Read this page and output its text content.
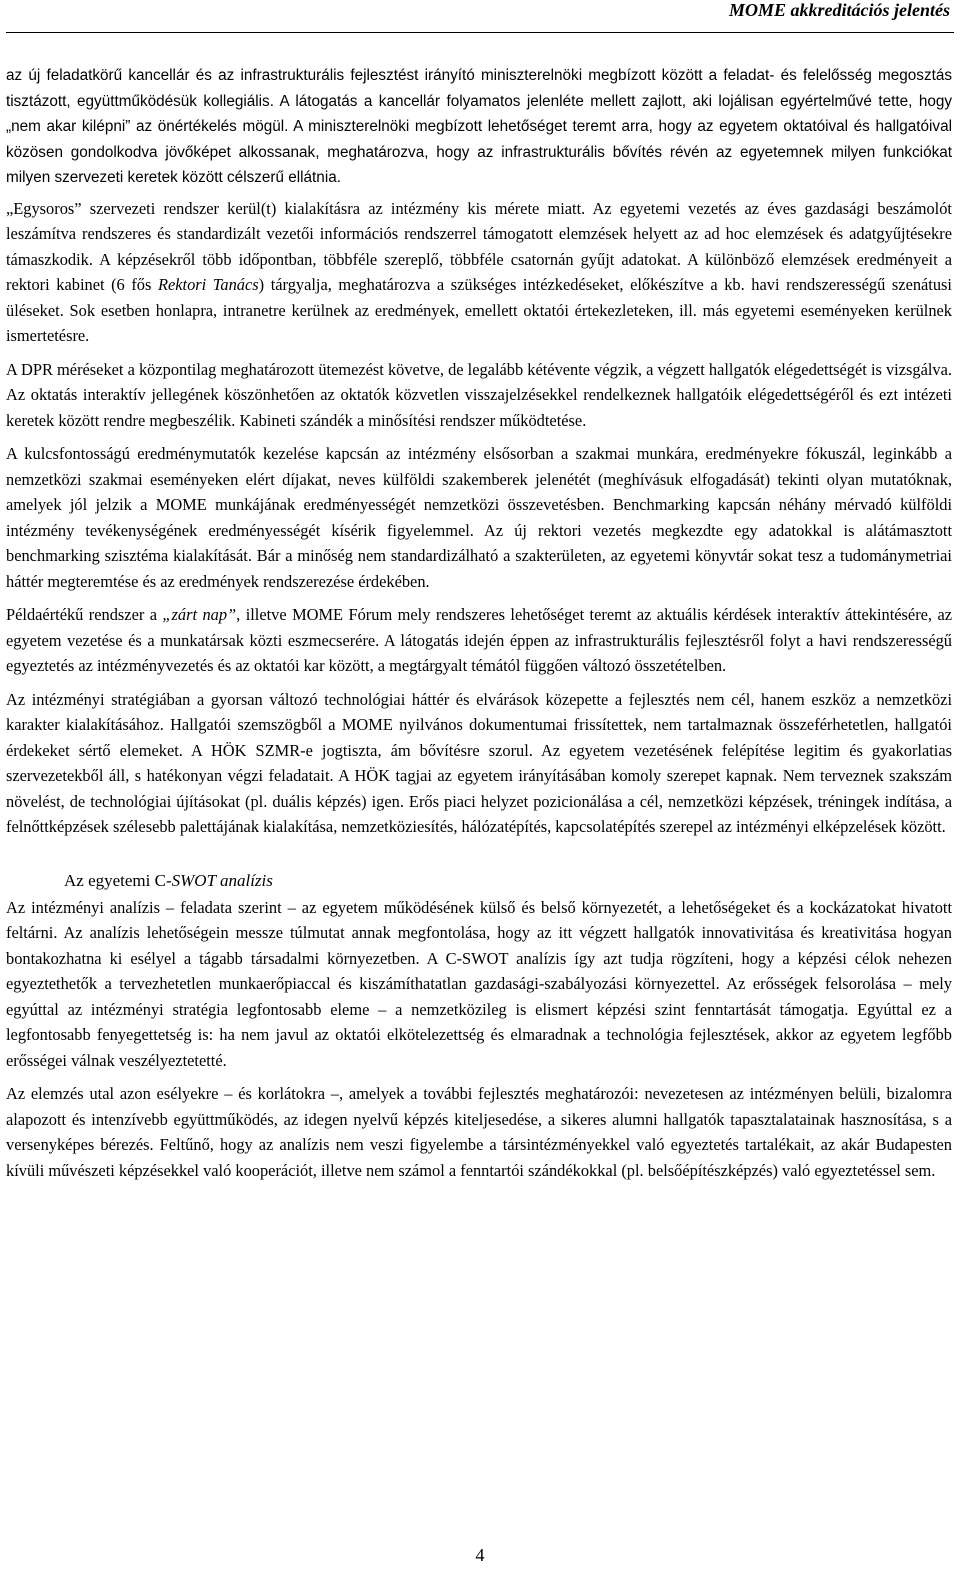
MOME akkreditációs jelentés

az új feladatkörű kancellár és az infrastrukturális fejlesztést irányító miniszterelnöki megbízott között a feladat- és felelősség megosztás tisztázott, együttműködésük kollegiális. A látogatás a kancellár folyamatos jelenléte mellett zajlott, aki lojálisan egyértelművé tette, hogy „nem akar kilépni” az önértékelés mögül. A miniszterelnöki megbízott lehetőséget teremt arra, hogy az egyetem oktatóival és hallgatóival közösen gondolkodva jövőképet alkossanak, meghatározva, hogy az infrastrukturális bővítés révén az egyetemnek milyen funkciókat milyen szervezeti keretek között célszerű ellátnia.

„Egysoros” szervezeti rendszer kerül(t) kialakításra az intézmény kis mérete miatt. Az egyetemi vezetés az éves gazdasági beszámolót leszámítva rendszeres és standardizált vezetői információs rendszerrel támogatott elemzések helyett az ad hoc elemzések és adatgyűjtésekre támaszkodik. A képzésekről több időpontban, többféle szereplő, többféle csatornán gyűjt adatokat. A különböző elemzések eredményeit a rektori kabinet (6 fős Rektori Tanács) tárgyalja, meghatározva a szükséges intézkedéseket, előkészítve a kb. havi rendszerességű szenátusi üléseket. Sok esetben honlapra, intranetre kerülnek az eredmények, emellett oktatói értekezleteken, ill. más egyetemi eseményeken kerülnek ismertetésre.

A DPR méréseket a központilag meghatározott ütemezést követve, de legalább kétévente végzik, a végzett hallgatók elégedettségét is vizsgálva. Az oktatás interaktív jellegének köszönhetően az oktatók közvetlen visszajelzésekkel rendelkeznek hallgatóik elégedettségéről és ezt intézeti keretek között rendre megbeszélik. Kabineti szándék a minősítési rendszer működtetése.

A kulcsfontosságú eredménymutatók kezelése kapcsán az intézmény elsősorban a szakmai munkára, eredményekre fókuszál, leginkább a nemzetközi szakmai eseményeken elért díjakat, neves külföldi szakemberek jelenétét (meghívásuk elfogadását) tekinti olyan mutatóknak, amelyek jól jelzik a MOME munkájának eredményességét nemzetközi összevetésben. Benchmarking kapcsán néhány mérvadó külföldi intézmény tevékenységének eredményességét kísérik figyelemmel. Az új rektori vezetés megkezdte egy adatokkal is alátámasztott benchmarking szisztéma kialakítását. Bár a minőség nem standardizálható a szakterületen, az egyetemi könyvtár sokat tesz a tudománymetriai háttér megteremtése és az eredmények rendszerezése érdekében.

Példaértékű rendszer a „zárt nap”, illetve MOME Fórum mely rendszeres lehetőséget teremt az aktuális kérdések interaktív áttekintésére, az egyetem vezetése és a munkatársak közti eszmecserére. A látogatás idején éppen az infrastrukturális fejlesztésről folyt a havi rendszerességű egyeztetés az intézményvezetés és az oktatói kar között, a megtárgyalt témától függően változó összetételben.

Az intézményi stratégiában a gyorsan változó technológiai háttér és elvárások közepette a fejlesztés nem cél, hanem eszköz a nemzetközi karakter kialakításához. Hallgatói szemszögből a MOME nyilvános dokumentumai frissítettek, nem tartalmaznak összeférhetetlen, hallgatói érdekeket sértő elemeket. A HÖK SZMR-e jogtiszta, ám bővítésre szorul. Az egyetem vezetésének felépítése legitim és gyakorlatias szervezetekből áll, s hatékonyan végzi feladatait. A HÖK tagjai az egyetem irányításában komoly szerepet kapnak. Nem terveznek szakszám növelést, de technológiai újításokat (pl. duális képzés) igen. Erős piaci helyzet pozicionálása a cél, nemzetközi képzések, tréningek indítása, a felnőttképzések szélesebb palettájának kialakítása, nemzetköziesítés, hálózatépítés, kapcsolatépítés szerepel az intézményi elképzelések között.

Az egyetemi C-SWOT analízis

Az intézményi analízis – feladata szerint – az egyetem működésének külső és belső környezetét, a lehetőségeket és a kockázatokat hivatott feltárni. Az analízis lehetőségein messze túlmutat annak megfontolása, hogy az itt végzett hallgatók innovativitása és kreativitása hogyan bontakozhatna ki esélyel a tágabb társadalmi környezetben. A C-SWOT analízis így azt tudja rögzíteni, hogy a képzési célok nehezen egyeztethetők a tervezhetetlen munkaerőpiaccal és kiszámíthatatlan gazdasági-szabályozási környezettel. Az erősségek felsorolása – mely egyúttal az intézményi stratégia legfontosabb eleme – a nemzetközileg is elismert képzési szint fenntartását támogatja. Egyúttal ez a legfontosabb fenyegettetség is: ha nem javul az oktatói elkötelezettség és elmaradnak a technológia fejlesztések, akkor az egyetem legfőbb erősségei válnak veszélyeztetetté.

Az elemzés utal azon esélyekre – és korlátokra –, amelyek a további fejlesztés meghatározói: nevezetesen az intézményen belüli, bizalomra alapozott és intenzívebb együttműködés, az idegen nyelvű képzés kiteljesedése, a sikeres alumni hallgatók tapasztalatainak hasznosítása, s a versenyképes bérezés. Feltűnő, hogy az analízis nem veszi figyelembe a társintézményekkel való egyeztetés tartalékait, az akár Budapesten kívüli művészeti képzésekkel való kooperációt, illetve nem számol a fenntartói szándékokkal (pl. belsőépítészképzés) való egyeztetéssel sem.

4
